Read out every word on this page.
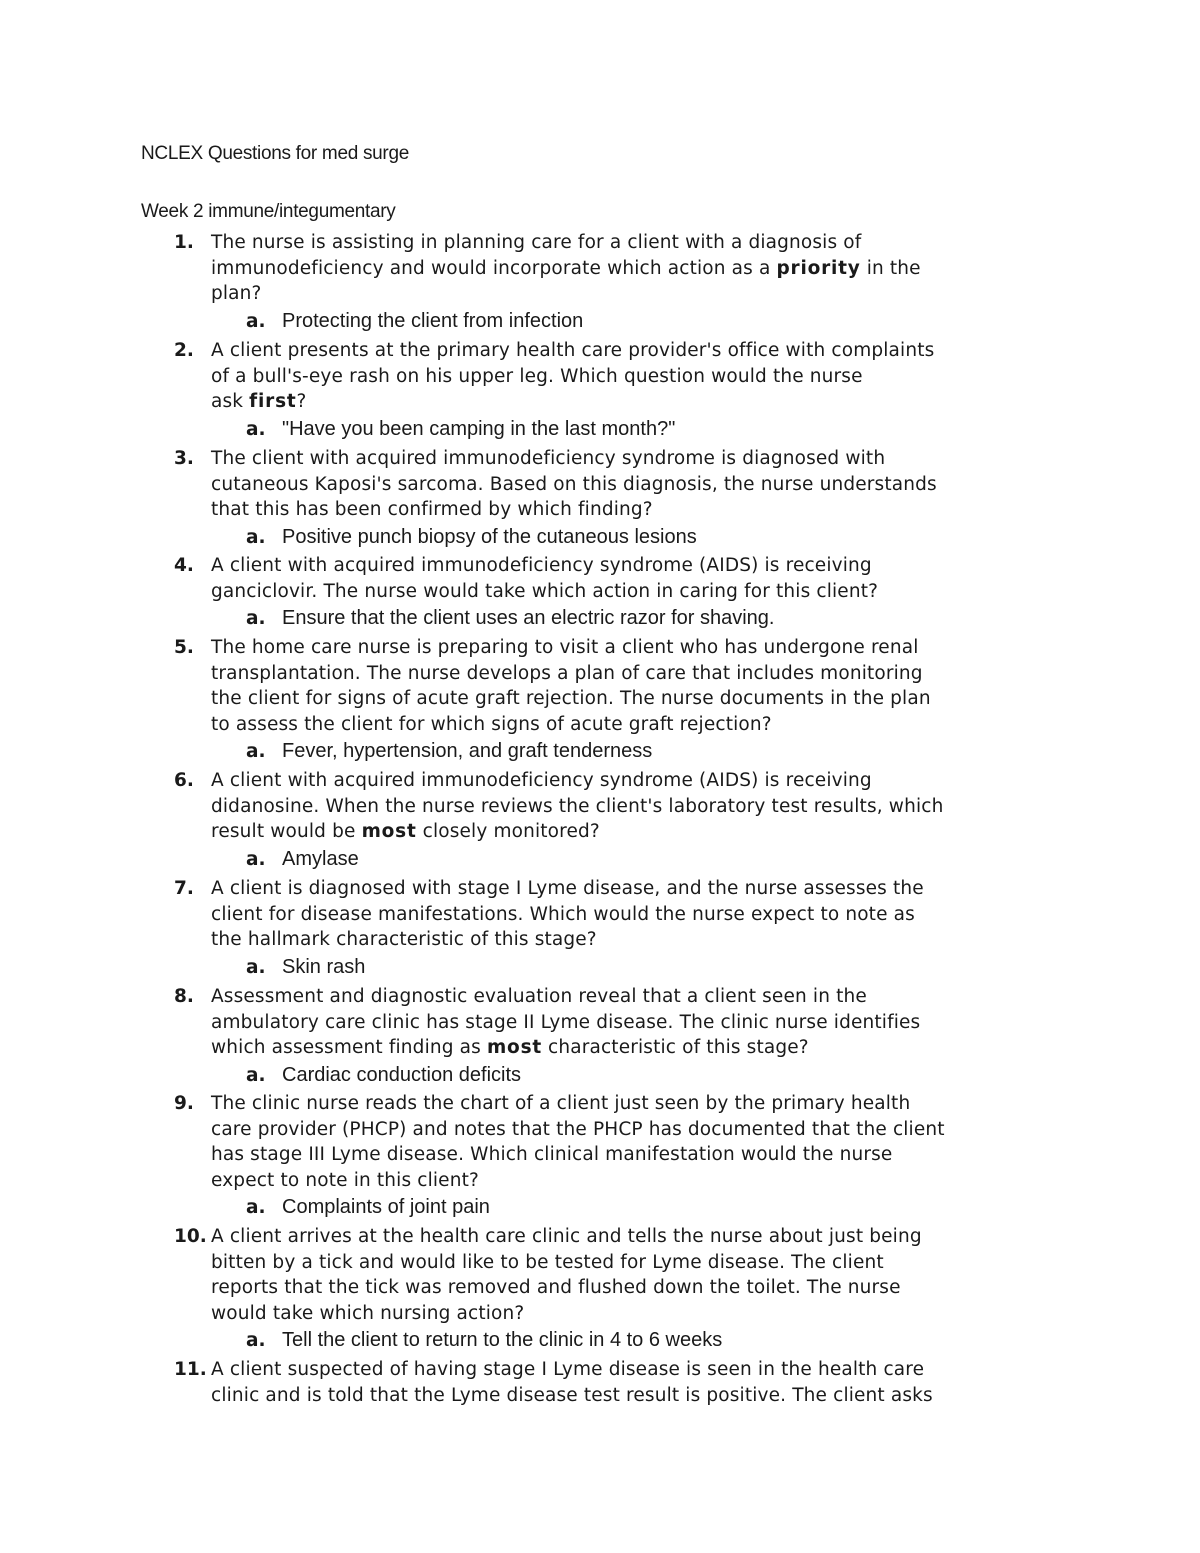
NCLEX Questions for med surge
Week 2 immune/integumentary
1. The nurse is assisting in planning care for a client with a diagnosis of
immunodeficiency and would incorporate which action as a priority in the
plan?
a. Protecting the client from infection
2. A client presents at the primary health care provider's office with complaints
of a bull's-eye rash on his upper leg. Which question would the nurse
ask first?
a. "Have you been camping in the last month?"
3. The client with acquired immunodeficiency syndrome is diagnosed with
cutaneous Kaposi's sarcoma. Based on this diagnosis, the nurse understands
that this has been confirmed by which finding?
a. Positive punch biopsy of the cutaneous lesions
4. A client with acquired immunodeficiency syndrome (AIDS) is receiving
ganciclovir. The nurse would take which action in caring for this client?
a. Ensure that the client uses an electric razor for shaving.
5. The home care nurse is preparing to visit a client who has undergone renal
transplantation. The nurse develops a plan of care that includes monitoring
the client for signs of acute graft rejection. The nurse documents in the plan
to assess the client for which signs of acute graft rejection?
a. Fever, hypertension, and graft tenderness
6. A client with acquired immunodeficiency syndrome (AIDS) is receiving
didanosine. When the nurse reviews the client's laboratory test results, which
result would be most closely monitored?
a. Amylase
7. A client is diagnosed with stage I Lyme disease, and the nurse assesses the
client for disease manifestations. Which would the nurse expect to note as
the hallmark characteristic of this stage?
a. Skin rash
8. Assessment and diagnostic evaluation reveal that a client seen in the
ambulatory care clinic has stage II Lyme disease. The clinic nurse identifies
which assessment finding as most characteristic of this stage?
a. Cardiac conduction deficits
9. The clinic nurse reads the chart of a client just seen by the primary health
care provider (PHCP) and notes that the PHCP has documented that the client
has stage III Lyme disease. Which clinical manifestation would the nurse
expect to note in this client?
a. Complaints of joint pain
10. A client arrives at the health care clinic and tells the nurse about just being
bitten by a tick and would like to be tested for Lyme disease. The client
reports that the tick was removed and flushed down the toilet. The nurse
would take which nursing action?
a. Tell the client to return to the clinic in 4 to 6 weeks
11. A client suspected of having stage I Lyme disease is seen in the health care
clinic and is told that the Lyme disease test result is positive. The client asks
